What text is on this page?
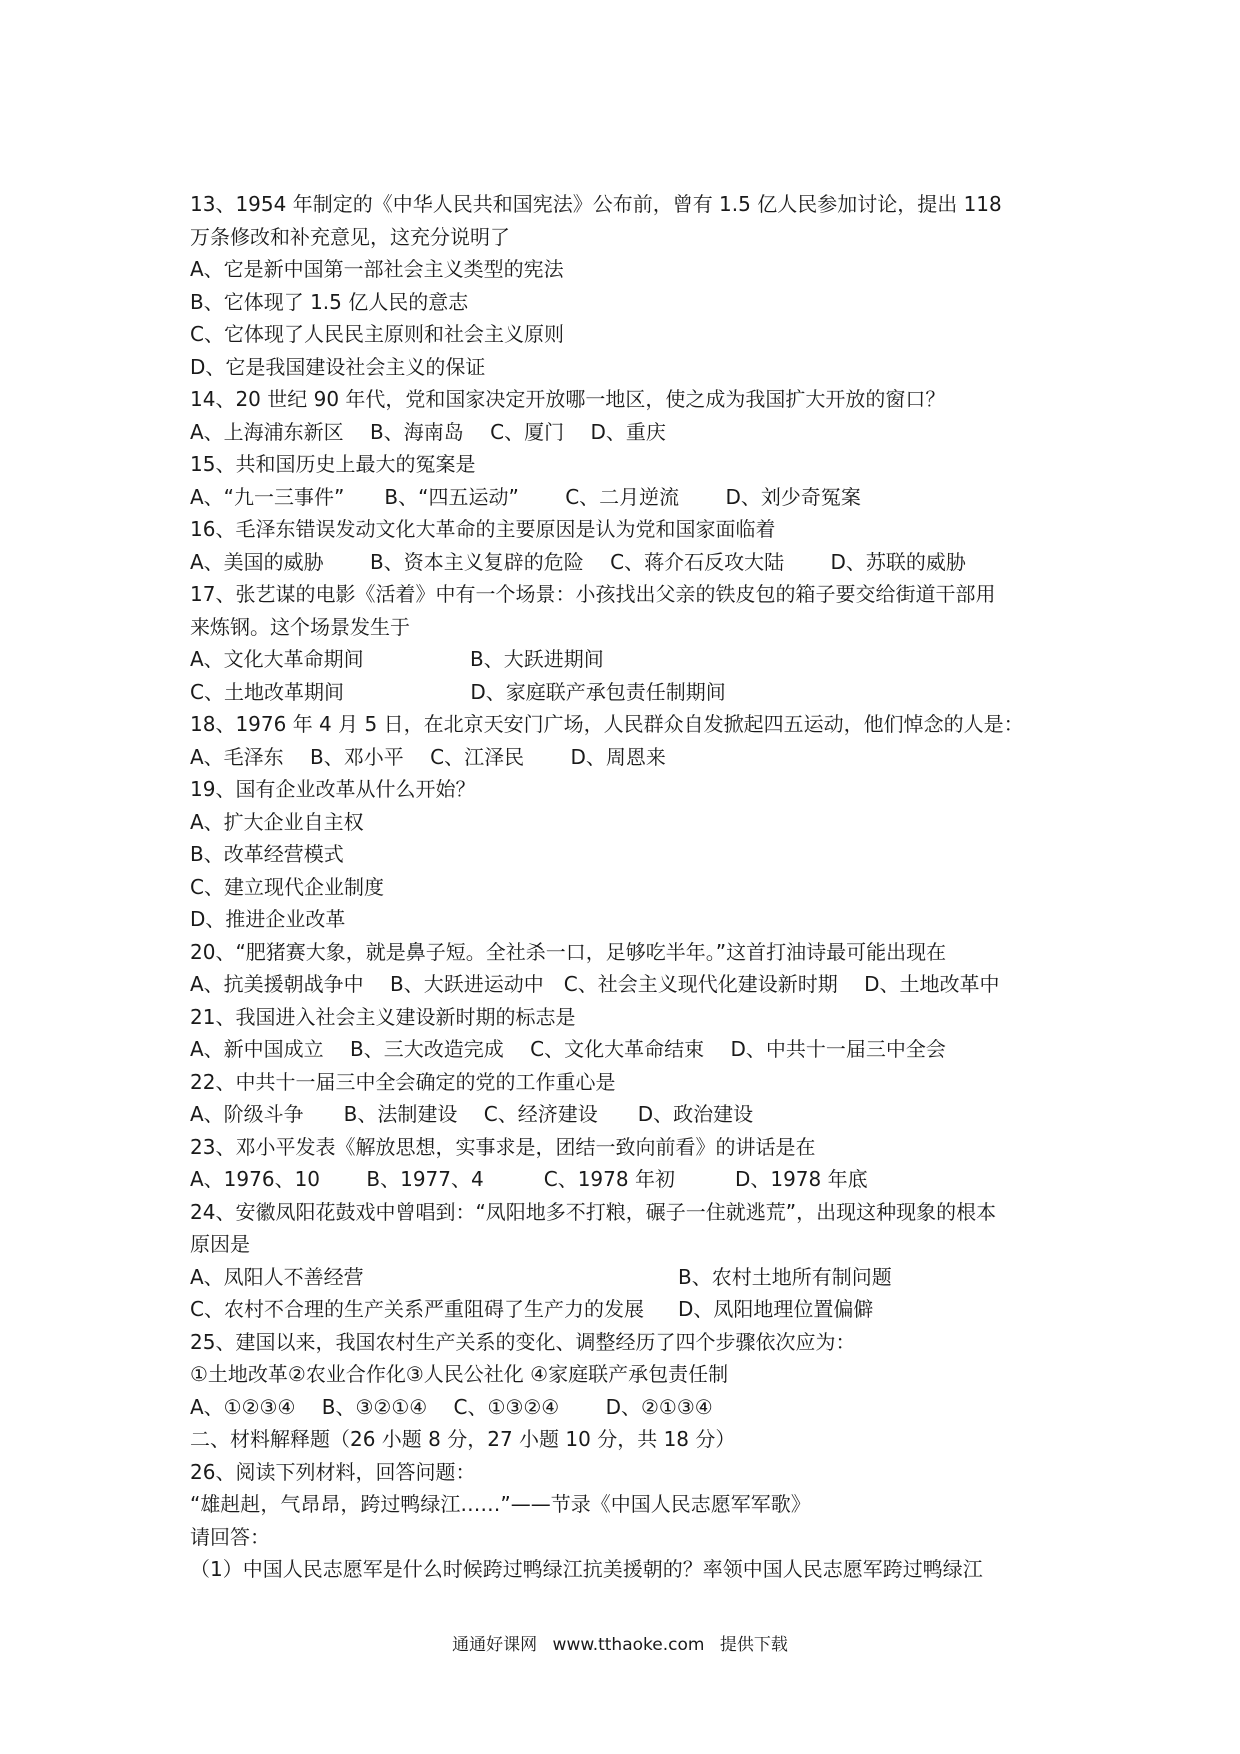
13、1954 年制定的《中华人民共和国宪法》公布前，曾有 1.5 亿人民参加讨论，提出 118
万条修改和补充意见，这充分说明了
A、它是新中国第一部社会主义类型的宪法
B、它体现了 1.5 亿人民的意志
C、它体现了人民民主原则和社会主义原则
D、它是我国建设社会主义的保证
14、20 世纪 90 年代，党和国家决定开放哪一地区，使之成为我国扩大开放的窗口？
A、上海浦东新区　 B、海南岛　 C、厦门　 D、重庆
15、共和国历史上最大的冤案是
A、“九一三事件”　　B、“四五运动”　　 C、二月逆流　　 D、刘少奇冤案
16、毛泽东错误发动文化大革命的主要原因是认为党和国家面临着
A、美国的威胁　　 B、资本主义复辟的危险　 C、蒋介石反攻大陆　　 D、苏联的威胁
17、张艺谋的电影《活着》中有一个场景：小孩找出父亲的铁皮包的箱子要交给街道干部用
来炼钢。这个场景发生于
A、文化大革命期间　　　　　 B、大跃进期间
C、土地改革期间　　　　　　 D、家庭联产承包责任制期间
18、1976 年 4 月 5 日，在北京天安门广场，人民群众自发掀起四五运动，他们悼念的人是：
A、毛泽东　 B、邓小平　 C、江泽民　　 D、周恩来
19、国有企业改革从什么开始？
A、扩大企业自主权
B、改革经营模式
C、建立现代企业制度
D、推进企业改革
20、“肥猪赛大象，就是鼻子短。全社杀一口，足够吃半年。”这首打油诗最可能出现在
A、抗美援朝战争中　 B、大跃进运动中　C、社会主义现代化建设新时期　 D、土地改革中
21、我国进入社会主义建设新时期的标志是
A、新中国成立　 B、三大改造完成　 C、文化大革命结束　 D、中共十一届三中全会
22、中共十一届三中全会确定的党的工作重心是
A、阶级斗争　　B、法制建设　 C、经济建设　　D、政治建设
23、邓小平发表《解放思想，实事求是，团结一致向前看》的讲话是在
A、1976、10　　 B、1977、4　　　C、1978 年初　　　D、1978 年底
24、安徽凤阳花鼓戏中曾唱到：“凤阳地多不打粮，碾子一住就逃荒”，出现这种现象的根本
原因是
A、凤阳人不善经营	B、农村土地所有制问题
C、农村不合理的生产关系严重阻碍了生产力的发展	D、凤阳地理位置偏僻
25、建国以来，我国农村生产关系的变化、调整经历了四个步骤依次应为：
①土地改革②农业合作化③人民公社化 ④家庭联产承包责任制
A、①②③④　 B、③②①④　 C、①③②④　　 D、②①③④
二、材料解释题（26 小题 8 分，27 小题 10 分，共 18 分）
26、阅读下列材料，回答问题：
“雄赳赳，气昂昂，跨过鸭绿江……”——节录《中国人民志愿军军歌》
请回答：
（1）中国人民志愿军是什么时候跨过鸭绿江抗美援朝的？率领中国人民志愿军跨过鸭绿江
通通好课网 www.tthaoke.com 提供下载
